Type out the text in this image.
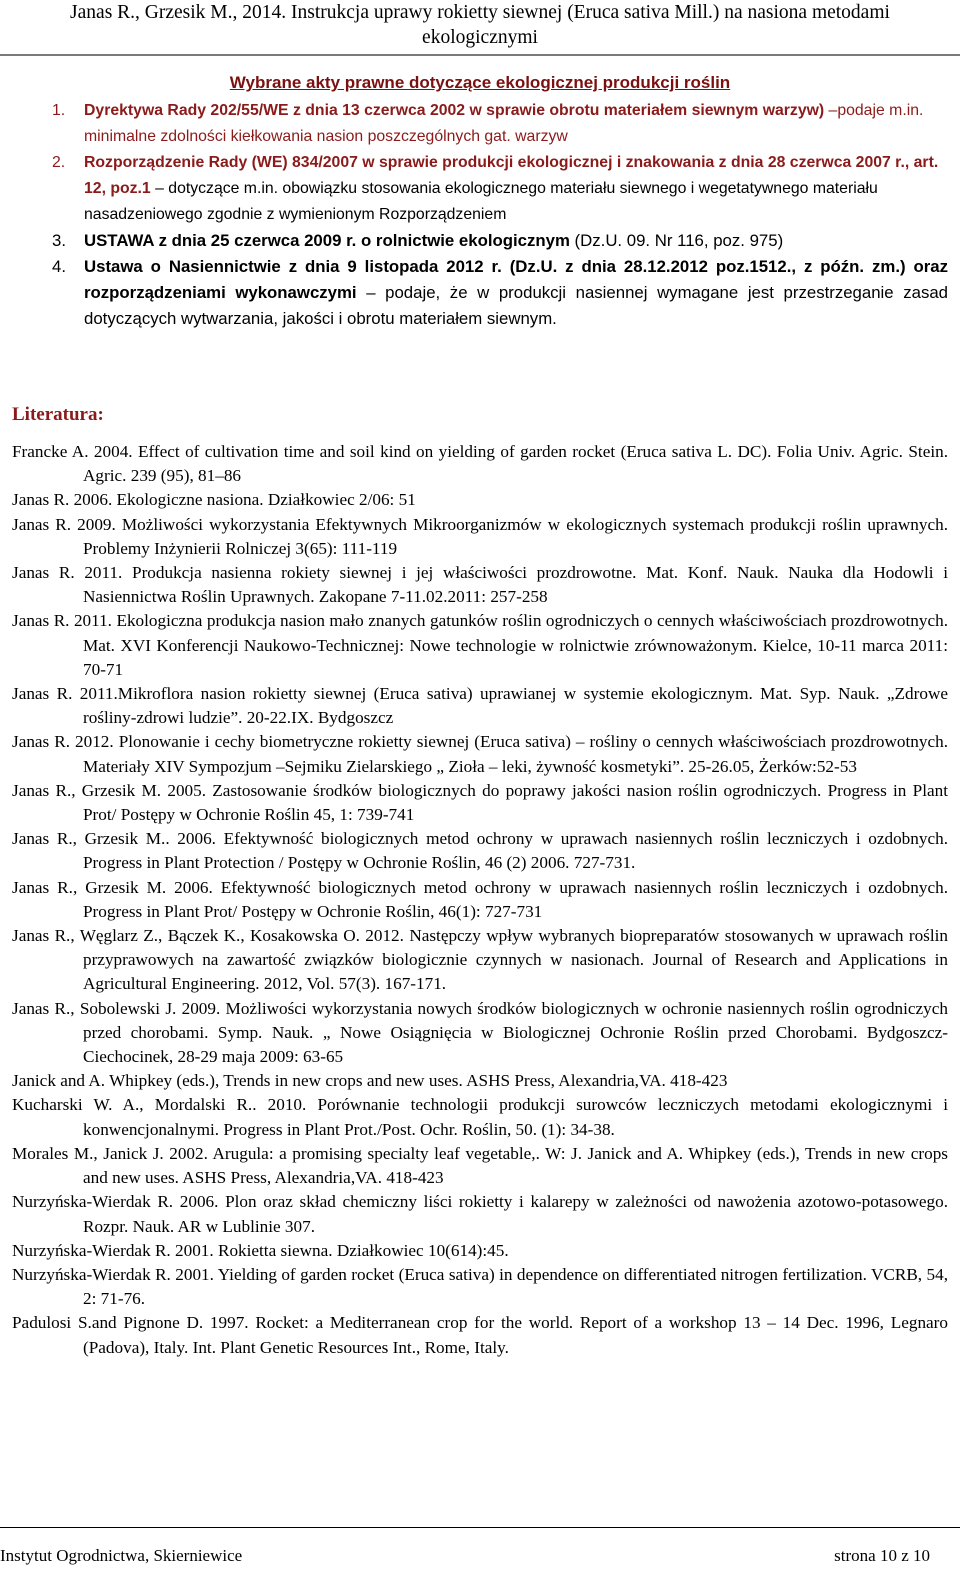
Janas R., Grzesik M., 2014. Instrukcja uprawy rokietty siewnej (Eruca sativa Mill.) na nasiona metodami
ekologicznymi
Wybrane akty prawne dotyczące ekologicznej produkcji roślin
1. Dyrektywa Rady 202/55/WE z dnia 13 czerwca 2002 w sprawie obrotu materiałem siewnym warzyw) –podaje m.in. minimalne zdolności kiełkowania nasion poszczególnych gat. warzyw
2. Rozporządzenie Rady (WE) 834/2007 w sprawie produkcji ekologicznej i znakowania z dnia 28 czerwca 2007 r., art. 12, poz.1 – dotyczące m.in. obowiązku stosowania ekologicznego materiału siewnego i wegetatywnego materiału nasadzeniowego zgodnie z wymienionym Rozporządzeniem
3. USTAWA z dnia 25 czerwca 2009 r. o rolnictwie ekologicznym (Dz.U. 09. Nr 116, poz. 975)
4. Ustawa o Nasiennictwie z dnia 9 listopada 2012 r. (Dz.U. z dnia 28.12.2012 poz.1512., z późn. zm.) oraz rozporządzeniami wykonawczymi – podaje, że w produkcji nasiennej wymagane jest przestrzeganie zasad dotyczących wytwarzania, jakości i obrotu materiałem siewnym.
Literatura:

Francke A. 2004. Effect of cultivation time and soil kind on yielding of garden rocket (Eruca sativa L. DC). Folia Univ. Agric. Stein. Agric. 239 (95), 81–86

Janas R. 2006. Ekologiczne nasiona. Działkowiec 2/06: 51

Janas R. 2009. Możliwości wykorzystania Efektywnych Mikroorganizmów w ekologicznych systemach produkcji roślin uprawnych. Problemy Inżynierii Rolniczej 3(65): 111-119

Janas R. 2011. Produkcja nasienna rokiety siewnej i jej właściwości prozdrowotne. Mat. Konf. Nauk. Nauka dla Hodowli i Nasiennictwa Roślin Uprawnych. Zakopane 7-11.02.2011: 257-258

Janas R. 2011. Ekologiczna produkcja nasion mało znanych gatunków roślin ogrodniczych o cennych właściwościach prozdrowotnych. Mat. XVI Konferencji Naukowo-Technicznej: Nowe technologie w rolnictwie zrównoważonym. Kielce, 10-11 marca 2011: 70-71

Janas R. 2011.Mikroflora nasion rokietty siewnej (Eruca sativa) uprawianej w systemie ekologicznym. Mat. Syp. Nauk. „Zdrowe rośliny-zdrowi ludzie”. 20-22.IX. Bydgoszcz

Janas R. 2012. Plonowanie i cechy biometryczne rokietty siewnej (Eruca sativa) – rośliny o cennych właściwościach prozdrowotnych. Materiały XIV Sympozjum –Sejmiku Zielarskiego „ Zioła – leki, żywność kosmetyki”. 25-26.05, Żerków:52-53

Janas R., Grzesik M. 2005. Zastosowanie środków biologicznych do poprawy jakości nasion roślin ogrodniczych. Progress in Plant Prot/ Postępy w Ochronie Roślin 45, 1: 739-741

Janas R., Grzesik M.. 2006. Efektywność biologicznych metod ochrony w uprawach nasiennych roślin leczniczych i ozdobnych. Progress in Plant Protection / Postępy w Ochronie Roślin, 46 (2) 2006. 727-731.

Janas R., Grzesik M. 2006. Efektywność biologicznych metod ochrony w uprawach nasiennych roślin leczniczych i ozdobnych. Progress in Plant Prot/ Postępy w Ochronie Roślin, 46(1): 727-731

Janas R., Węglarz Z., Bączek K., Kosakowska O. 2012. Następczy wpływ wybranych biopreparatów stosowanych w uprawach roślin przyprawowych na zawartość związków biologicznie czynnych w nasionach. Journal of Research and Applications in Agricultural Engineering. 2012, Vol. 57(3). 167-171.

Janas R., Sobolewski J. 2009. Możliwości wykorzystania nowych środków biologicznych w ochronie nasiennych roślin ogrodniczych przed chorobami. Symp. Nauk. „ Nowe Osiągnięcia w Biologicznej Ochronie Roślin przed Chorobami. Bydgoszcz-Ciechocinek, 28-29 maja 2009: 63-65

Janick and A. Whipkey (eds.), Trends in new crops and new uses. ASHS Press, Alexandria,VA. 418-423

Kucharski W. A., Mordalski R.. 2010. Porównanie technologii produkcji surowców leczniczych metodami ekologicznymi i konwencjonalnymi. Progress in Plant Prot./Post. Ochr. Roślin, 50. (1): 34-38.

Morales M., Janick J. 2002. Arugula: a promising specialty leaf vegetable,. W: J. Janick and A. Whipkey (eds.), Trends in new crops and new uses. ASHS Press, Alexandria,VA. 418-423

Nurzyńska-Wierdak R. 2006. Plon oraz skład chemiczny liści rokietty i kalarepy w zależności od nawożenia azotowo-potasowego. Rozpr. Nauk. AR w Lublinie 307.

Nurzyńska-Wierdak R. 2001. Rokietta siewna. Działkowiec 10(614):45.

Nurzyńska-Wierdak R. 2001. Yielding of garden rocket (Eruca sativa) in dependence on differentiated nitrogen fertilization. VCRB, 54, 2: 71-76.

Padulosi S.and Pignone D. 1997. Rocket: a Mediterranean crop for the world. Report of a workshop 13 – 14 Dec. 1996, Legnaro (Padova), Italy. Int. Plant Genetic Resources Int., Rome, Italy.

Instytut Ogrodnictwa, Skierniewice	strona 10 z 10
